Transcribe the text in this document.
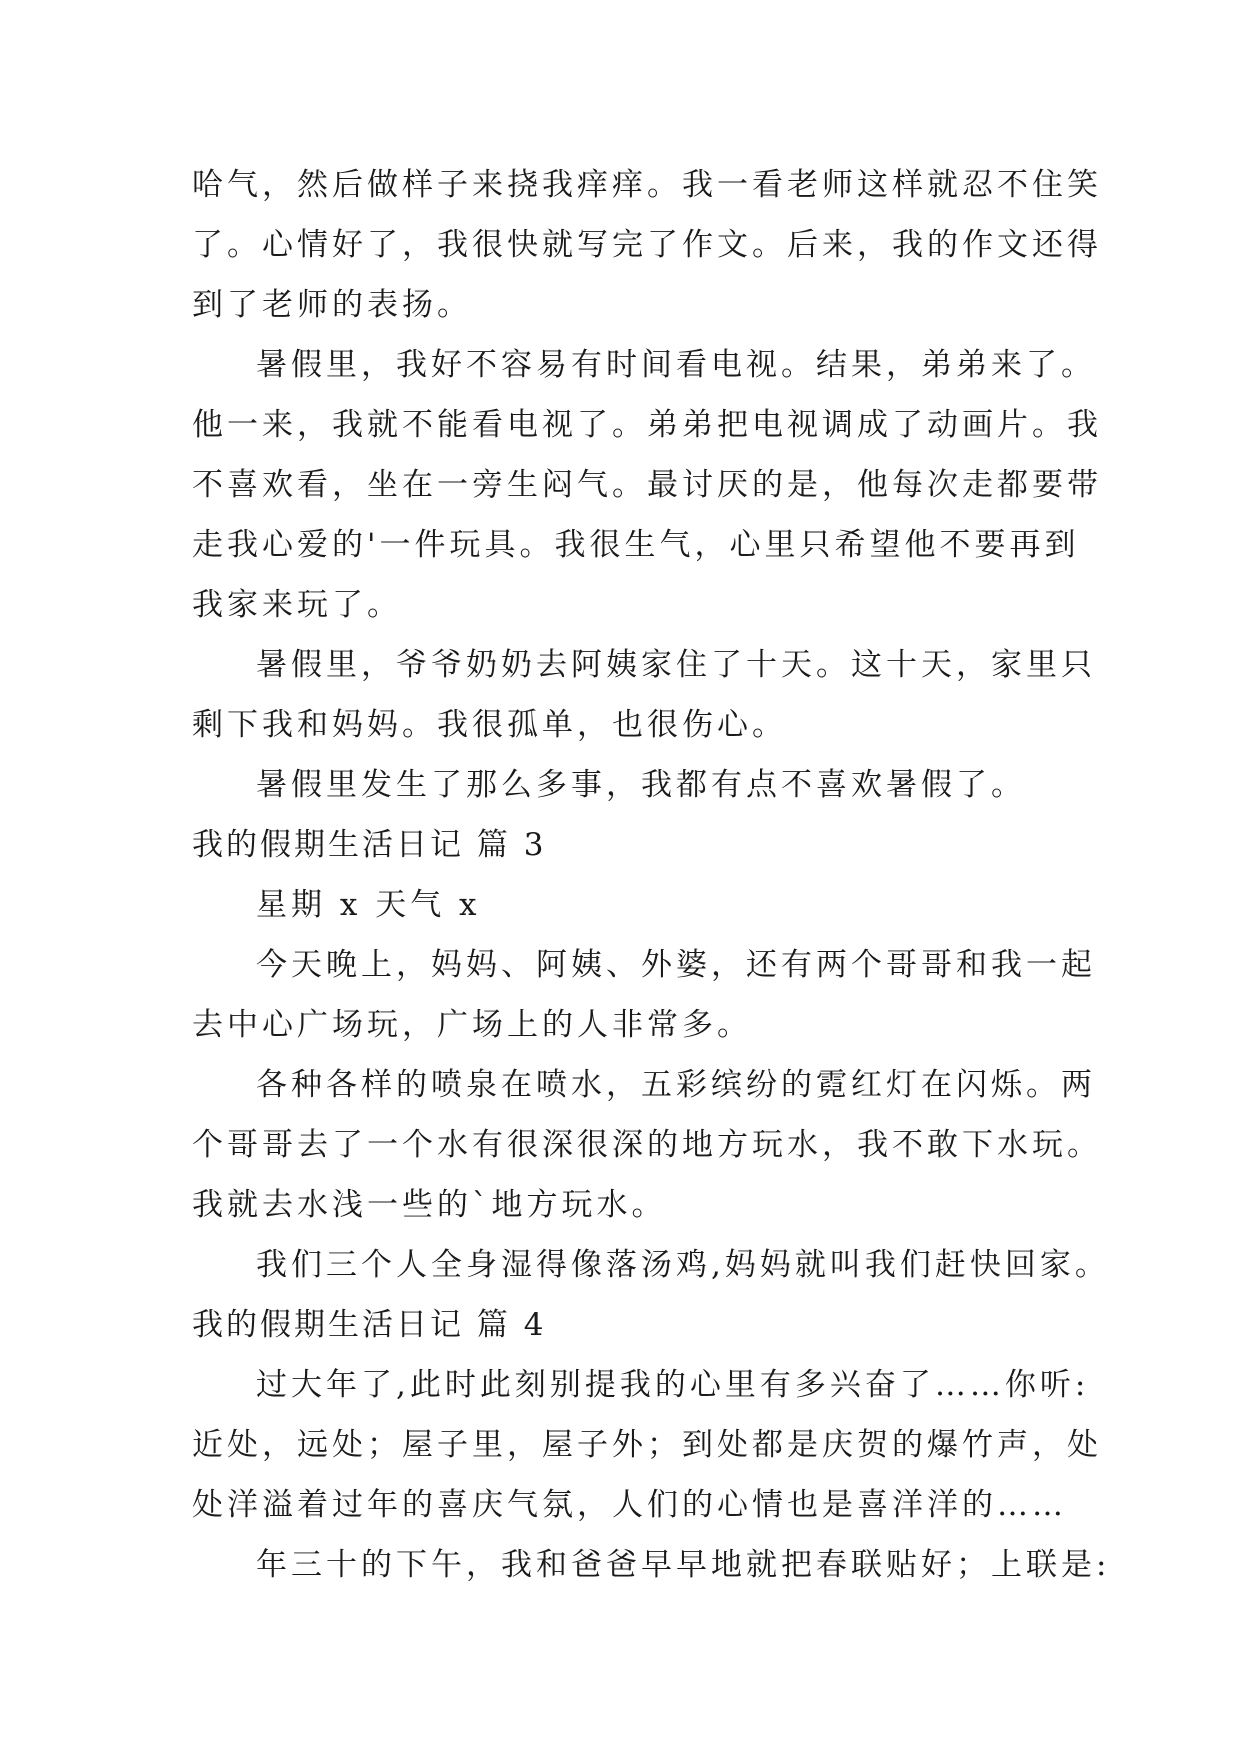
哈气，然后做样子来挠我痒痒。我一看老师这样就忍不住笑
了。心情好了，我很快就写完了作文。后来，我的作文还得
到了老师的表扬。
暑假里，我好不容易有时间看电视。结果，弟弟来了。
他一来，我就不能看电视了。弟弟把电视调成了动画片。我
不喜欢看，坐在一旁生闷气。最讨厌的是，他每次走都要带
走我心爱的'一件玩具。我很生气，心里只希望他不要再到
我家来玩了。
暑假里，爷爷奶奶去阿姨家住了十天。这十天，家里只
剩下我和妈妈。我很孤单，也很伤心。
暑假里发生了那么多事，我都有点不喜欢暑假了。
我的假期生活日记 篇 3
星期 x 天气 x
今天晚上，妈妈、阿姨、外婆，还有两个哥哥和我一起
去中心广场玩，广场上的人非常多。
各种各样的喷泉在喷水，五彩缤纷的霓红灯在闪烁。两
个哥哥去了一个水有很深很深的地方玩水，我不敢下水玩。
我就去水浅一些的`地方玩水。
我们三个人全身湿得像落汤鸡,妈妈就叫我们赶快回家。
我的假期生活日记 篇 4
过大年了,此时此刻别提我的心里有多兴奋了……你听:
近处，远处；屋子里，屋子外；到处都是庆贺的爆竹声，处
处洋溢着过年的喜庆气氛，人们的心情也是喜洋洋的……
年三十的下午，我和爸爸早早地就把春联贴好；上联是:
